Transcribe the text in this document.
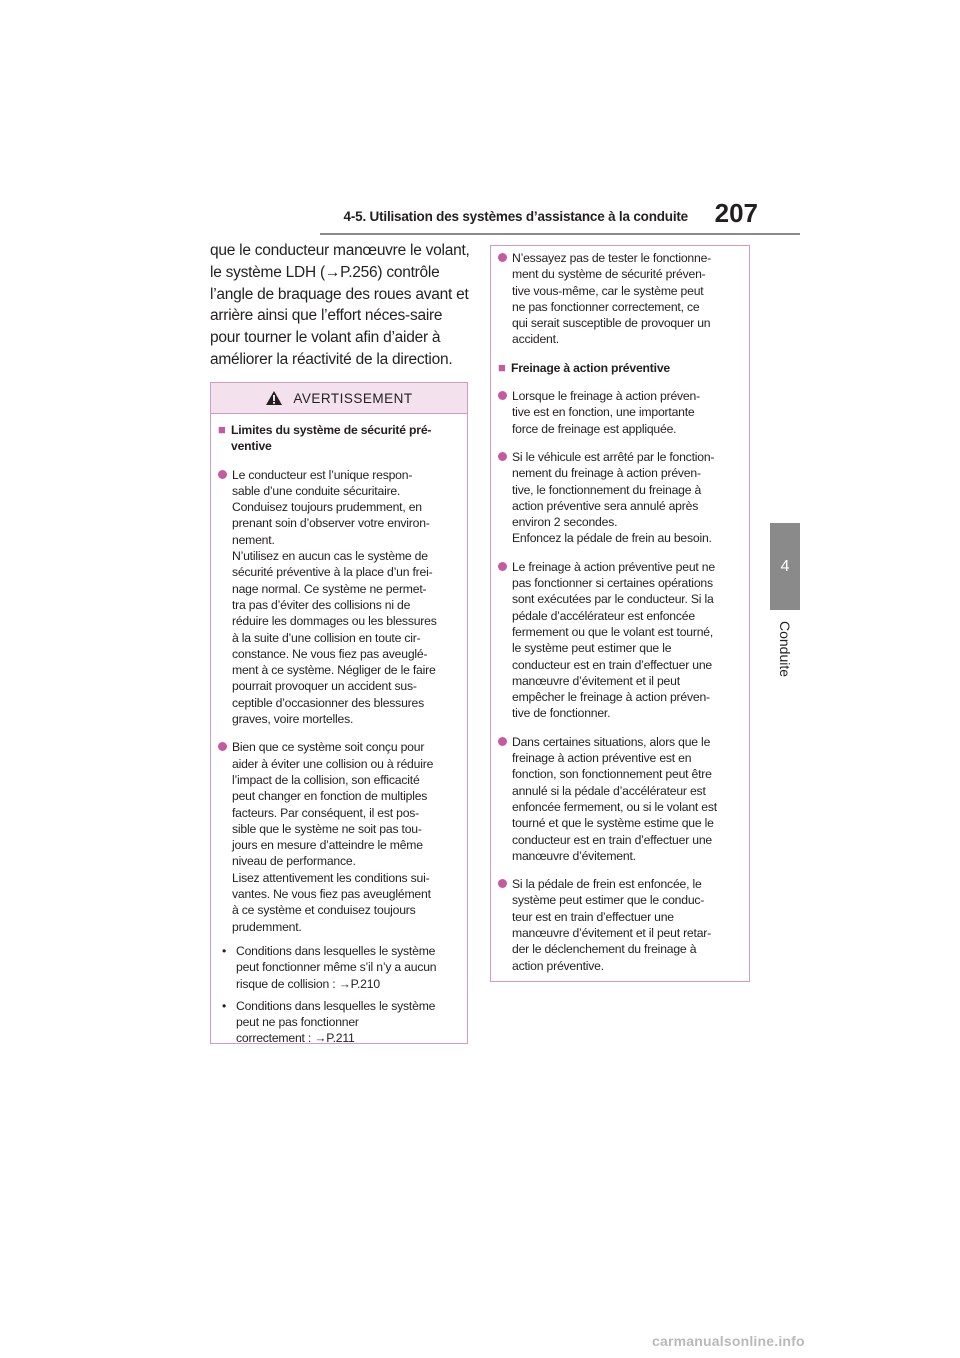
4-5. Utilisation des systèmes d’assistance à la conduite	207
4
Conduite
que le conducteur manœuvre le volant, le système LDH (→P.256) contrôle l’angle de braquage des roues avant et arrière ainsi que l’effort néces-saire pour tourner le volant afin d’aider à améliorer la réactivité de la direction.
AVERTISSEMENT
■ Limites du système de sécurité pré-ventive
Le conducteur est l’unique respon-
sable d’une conduite sécuritaire.
Conduisez toujours prudemment, en
prenant soin d’observer votre environ-
nement.
N’utilisez en aucun cas le système de
sécurité préventive à la place d’un frei-
nage normal. Ce système ne permet-
tra pas d’éviter des collisions ni de
réduire les dommages ou les blessures
à la suite d’une collision en toute cir-
constance. Ne vous fiez pas aveuglé-
ment à ce système. Négliger de le faire
pourrait provoquer un accident sus-
ceptible d’occasionner des blessures
graves, voire mortelles.
Bien que ce système soit conçu pour
aider à éviter une collision ou à réduire
l’impact de la collision, son efficacité
peut changer en fonction de multiples
facteurs. Par conséquent, il est pos-
sible que le système ne soit pas tou-
jours en mesure d’atteindre le même
niveau de performance.
Lisez attentivement les conditions sui-
vantes. Ne vous fiez pas aveuglément
à ce système et conduisez toujours
prudemment.
• Conditions dans lesquelles le système
peut fonctionner même s’il n’y a aucun
risque de collision : →P.210
• Conditions dans lesquelles le système
peut ne pas fonctionner
correctement : →P.211
N’essayez pas de tester le fonctionne-
ment du système de sécurité préven-
tive vous-même, car le système peut
ne pas fonctionner correctement, ce
qui serait susceptible de provoquer un
accident.
■ Freinage à action préventive
Lorsque le freinage à action préven-
tive est en fonction, une importante
force de freinage est appliquée.
Si le véhicule est arrêté par le fonction-
nement du freinage à action préven-
tive, le fonctionnement du freinage à
action préventive sera annulé après
environ 2 secondes.
Enfoncez la pédale de frein au besoin.
Le freinage à action préventive peut ne
pas fonctionner si certaines opérations
sont exécutées par le conducteur. Si la
pédale d’accélérateur est enfoncée
fermement ou que le volant est tourné,
le système peut estimer que le
conducteur est en train d’effectuer une
manœuvre d’évitement et il peut
empêcher le freinage à action préven-
tive de fonctionner.
Dans certaines situations, alors que le
freinage à action préventive est en
fonction, son fonctionnement peut être
annulé si la pédale d’accélérateur est
enfoncée fermement, ou si le volant est
tourné et que le système estime que le
conducteur est en train d’effectuer une
manœuvre d’évitement.
Si la pédale de frein est enfoncée, le
système peut estimer que le conduc-
teur est en train d’effectuer une
manœuvre d’évitement et il peut retar-
der le déclenchement du freinage à
action préventive.
carmanualsonline.info
